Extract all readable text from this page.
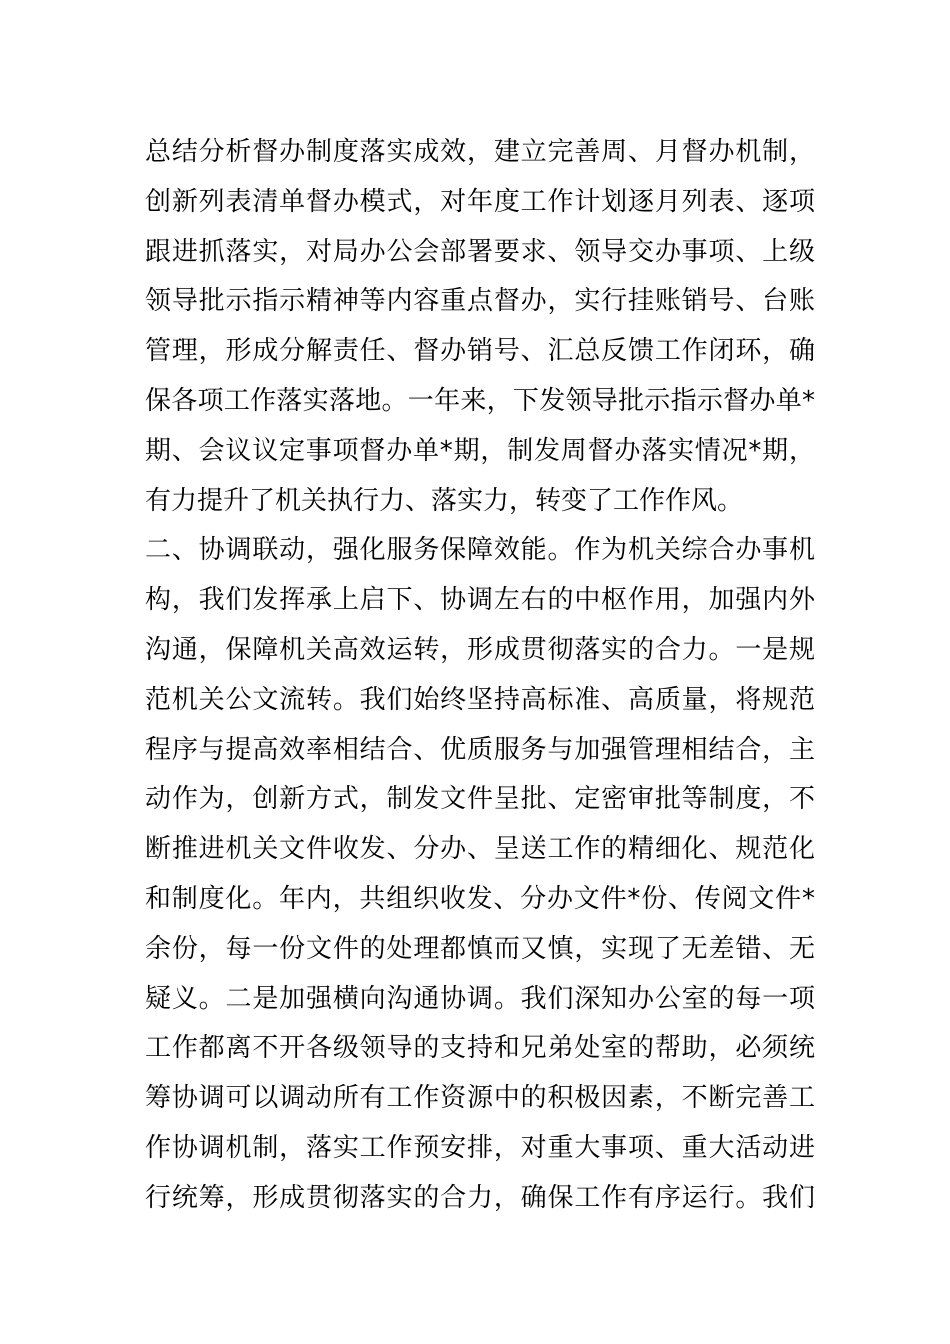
总结分析督办制度落实成效，建立完善周、月督办机制，
创新列表清单督办模式，对年度工作计划逐月列表、逐项
跟进抓落实，对局办公会部署要求、领导交办事项、上级
领导批示指示精神等内容重点督办，实行挂账销号、台账
管理，形成分解责任、督办销号、汇总反馈工作闭环，确
保各项工作落实落地。一年来，下发领导批示指示督办单*
期、会议议定事项督办单*期，制发周督办落实情况*期，
有力提升了机关执行力、落实力，转变了工作作风。
二、协调联动，强化服务保障效能。作为机关综合办事机
构，我们发挥承上启下、协调左右的中枢作用，加强内外
沟通，保障机关高效运转，形成贯彻落实的合力。一是规
范机关公文流转。我们始终坚持高标准、高质量，将规范
程序与提高效率相结合、优质服务与加强管理相结合，主
动作为，创新方式，制发文件呈批、定密审批等制度，不
断推进机关文件收发、分办、呈送工作的精细化、规范化
和制度化。年内，共组织收发、分办文件*份、传阅文件*
余份，每一份文件的处理都慎而又慎，实现了无差错、无
疑义。二是加强横向沟通协调。我们深知办公室的每一项
工作都离不开各级领导的支持和兄弟处室的帮助，必须统
筹协调可以调动所有工作资源中的积极因素，不断完善工
作协调机制，落实工作预安排，对重大事项、重大活动进
行统筹，形成贯彻落实的合力，确保工作有序运行。我们
